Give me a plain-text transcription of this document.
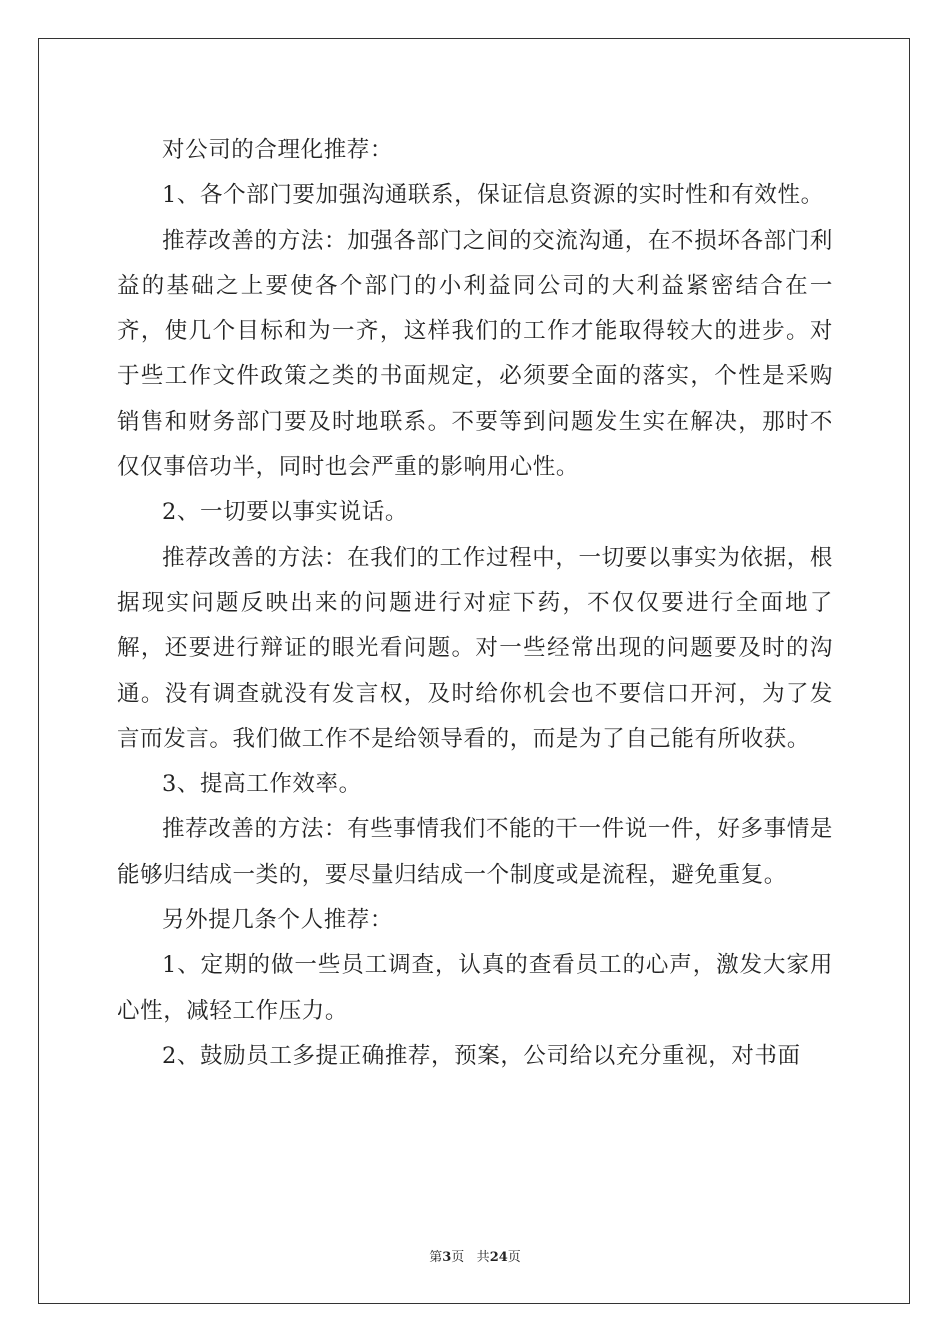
对公司的合理化推荐：

1、各个部门要加强沟通联系，保证信息资源的实时性和有效性。

推荐改善的方法：加强各部门之间的交流沟通，在不损坏各部门利益的基础之上要使各个部门的小利益同公司的大利益紧密结合在一齐，使几个目标和为一齐，这样我们的工作才能取得较大的进步。对于些工作文件政策之类的书面规定，必须要全面的落实，个性是采购销售和财务部门要及时地联系。不要等到问题发生实在解决，那时不仅仅事倍功半，同时也会严重的影响用心性。

2、一切要以事实说话。

推荐改善的方法：在我们的工作过程中，一切要以事实为依据，根据现实问题反映出来的问题进行对症下药，不仅仅要进行全面地了解，还要进行辩证的眼光看问题。对一些经常出现的问题要及时的沟通。没有调查就没有发言权，及时给你机会也不要信口开河，为了发言而发言。我们做工作不是给领导看的，而是为了自己能有所收获。

3、提高工作效率。

推荐改善的方法：有些事情我们不能的干一件说一件，好多事情是能够归结成一类的，要尽量归结成一个制度或是流程，避免重复。

另外提几条个人推荐：

1、定期的做一些员工调查，认真的查看员工的心声，激发大家用心性，减轻工作压力。

2、鼓励员工多提正确推荐，预案，公司给以充分重视，对书面

第3页 共24页
